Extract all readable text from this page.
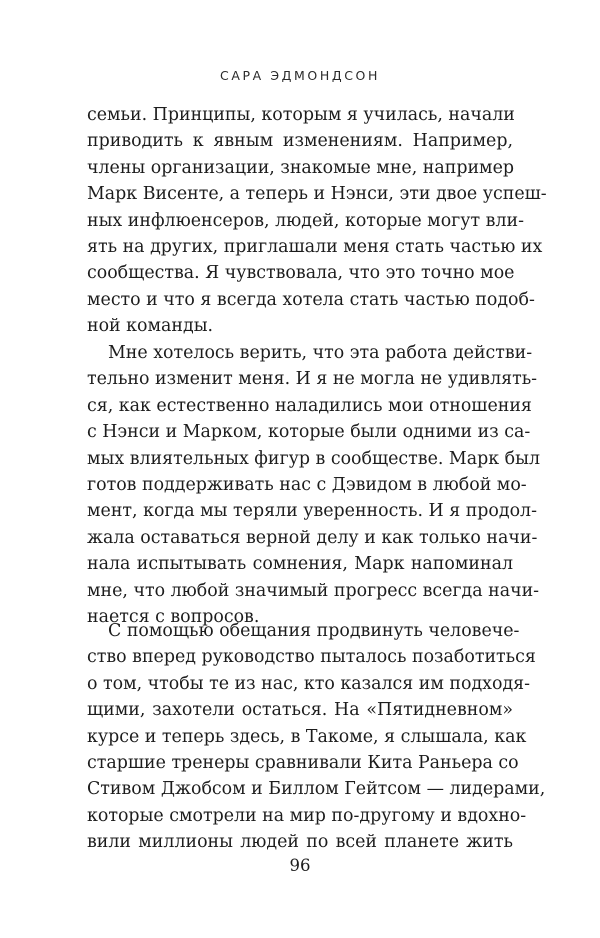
САРА ЭДМОНДСОН
семьи. Принципы, которым я училась, начали
приводить к явным изменениям. Например,
члены организации, знакомые мне, например
Марк Висенте, а теперь и Нэнси, эти двое успеш-
ных инфлюенсеров, людей, которые могут вли-
ять на других, приглашали меня стать частью их
сообщества. Я чувствовала, что это точно мое
место и что я всегда хотела стать частью подоб-
ной команды.
Мне хотелось верить, что эта работа действи-
тельно изменит меня. И я не могла не удивлять-
ся, как естественно наладились мои отношения
с Нэнси и Марком, которые были одними из са-
мых влиятельных фигур в сообществе. Марк был
готов поддерживать нас с Дэвидом в любой мо-
мент, когда мы теряли уверенность. И я продол-
жала оставаться верной делу и как только начи-
нала испытывать сомнения, Марк напоминал
мне, что любой значимый прогресс всегда начи-
нается с вопросов.
С помощью обещания продвинуть человече-
ство вперед руководство пыталось позаботиться
о том, чтобы те из нас, кто казался им подходя-
щими, захотели остаться. На «Пятидневном»
курсе и теперь здесь, в Такоме, я слышала, как
старшие тренеры сравнивали Кита Раньера со
Стивом Джобсом и Биллом Гейтсом — лидерами,
которые смотрели на мир по-другому и вдохно-
вили миллионы людей по всей планете жить
96
